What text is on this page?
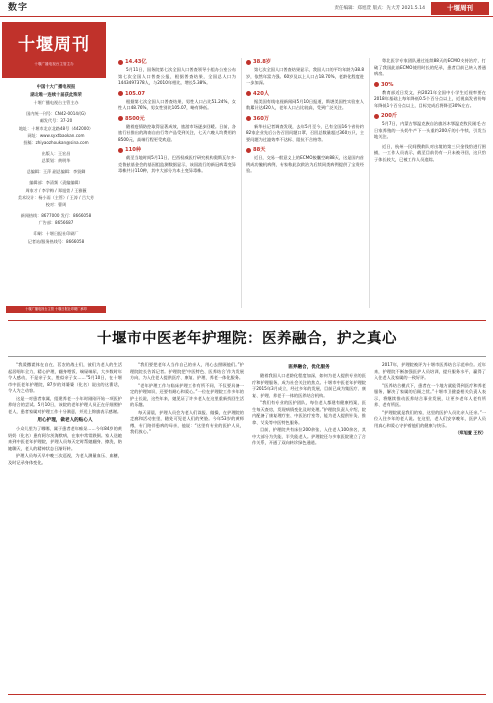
数字	责任编辑：郑旭萱 版式：先大芳 2021.5.14	十堰周刊
十堰周刊
十堰广播电视台主管主办
中国十大广播电视报
湖北唯一连续十届获此殊荣
十堰广播电视台主管主办
国内统一刊号：CN42-0014/(G)
邮发代号：37-20
地址：十堰市北京北路48号（442000）
网址：www.syxtbaokan.com
投稿：zhiyaozhoukan@sina.com
出版人：王宏昌
总策划：黄明华
总编辑：王萍 副总编辑：李贤卿
编辑部：李清频（责编编辑）
周家才 / 李学梅 / 郑旭萱 / 王雅薇
美术设计：杨小雨（主管）/ 王涛 / 吕大芳
校对：曹周
新闻热线：8677000 发行：8666058
广告部：8656687
印刷：十堰日报社印刷厂
记者站/服务热线号：8666058
十堰广播电视台主管 十堰日报社印刷厂承印
14.43亿

5月11日，国务院第七次全国人口普查领导小组办公室公布第七次全国人口普查公报，根据普查结果，全国总人口为1443497378人，与2010年相比，增长5.38%。

105.07

根据第七次全国人口普查结果，男性人口占比51.24%，女性人口48.76%，男女性别比105.07，略有降低。

8500元

随着疫情防控取得显著成效，旅游市场逐步回暖。日前，各旅行社推出的海南自由行等产品受到关注，七天六晚人均费用约8500元，高端行程更受欢迎。

110种

截至当地时间5月11日，巴西权威医疗研究机构奥斯瓦尔多·克鲁兹基金会的基因组监测数据显示，该国流行的新冠病毒变异毒株共计110种，其中大部分为本土变异毒株。

38.8岁

第七次全国人口普查结果显示，我国人口的平均年龄为38.8岁，依然年富力强。60岁及以上人口占18.70%，老龄化程度进一步加深。

420人

据美国有线电视新闻网5月10日报道，斯堪美国性实验室人数累计达420人，老年人口占比较高，受到广泛关注。

360万

新华社记者调查发现，去年5月至今，已有全国16个省份约82家企业先后公告召回问题口罩，召回总数量超过360万只，主要问题为过滤效率不达标、阻抗不合格等。

88天

近日，交易一般意义上的ECMO胶囊空缺88天，这是国内首例成功撤机病例，专家称此次救治为后续同类病例提供了宝贵经验。

粤北医学专家团队通过连续88天的ECMO支持治疗，打破了我国此前ECMO使用时长的纪录，患者目前已转入普通病房。

30%

教育部近日发文，到2021年全国中小学生近视率要在2018年基础上每年降低0.5个百分点以上，近视高发省份每年降低1个百分点以上，目标完成后将降至30%左右。

200斤

5月7日，内蒙古鄂温克族自治旗苏木鄂温克牧民刚毛·吉日家养殖的一头奶牛产下一头重约200斤的小牛犊，引发当地关注。

近日，杭州一民间搜救队对出境的第三只金钱豹进行围捕，一工作人员表示，截至目前仍有一只未被寻回，这只豹子体长较大，已被工作人员追踪。

十堰市中医老年护理院：医养融合，护之真心

“我爱撒谎体在自在、茗农的战士们，彼们为老人的生活起居唱年全力，精心护理，翻身喂饭、端屎端尿，大多数时年令人感动，不是亲子女，胜似亲子女……”5月10日，在十堰市中医老年护理院，87岁的刘婆婆（化名）说出的这番话，令人为之动容。

这是一对患者家属，组建养老一小年时刚刚开始一项医护养结合的尝试。5月10日，该院的老年护理人员正在仔细照护老人，患者家属对护理工作十分满意，并送上锦旗表示感谢。

用心护理，做老人的贴心人

小众儿里为了哪哪，属于患者老年痴呆……今年84岁的黄奶奶（化名）患有阿尔茨海默病，在家中常常跌倒。家人送她来到中医老年护理院，护理人员每天定时帮她翻身、擦洗，陪她聊天，老人的精神状态日渐好转。

护理人员每天早中晚三次巡视，为老人测量血压、血糖，及时记录身体变化。

“我们要把老年人当作自己的亲人，用心去照顾他们。”护理院院长告诉记者。护理院把‘中医特色、医养结合’作为发展方向，为入住老人提供医疗、康复、护理、养老一体化服务。

“老年护理工作与临床护理工作有所不同，不仅要具备一定的护理知识，还要有耐心和爱心。”一位在护理院工作多年的护士长说，这些年来，她见证了许多老人在这里重新找回生活的乐趣。

每天清晨，护理人员会为老人们读报、做操，在护理院的走廊和活动室里，随处可见老人们的笑脸。今年53岁的黄师傅，专门陪伴患病的母亲，他说：“这里有专业的医护人员，我们放心。”

医养融合，优化服务

随着我国人口老龄化程度加深，如何为老人提供专业的医疗和护理服务，成为社会关注的焦点。十堰市中医老年护理院于2015年3月成立，经过多年的发展，目前已成为集医疗、康复、护理、养老于一体的医养结合机构。

“我们有专业的医护团队，每位老人都建有健康档案，医生每天查房，发现病情变化及时处理。”护理院负责人介绍，院内配备了康复理疗室、中医治疗室等，能为老人提供针灸、推拿、艾灸等中医特色服务。

目前，护理院共有床位200余张，入住老人100余名，其中大部分为失能、半失能老人。护理院还与多家医院建立了合作关系，开通了双向转诊绿色通道。

2017年，护理院被评为十堰市医养结合示范单位。近年来，护理院不断加强医护人员培训，提升服务水平，赢得了入住老人及家属的一致好评。

“医养结合模式下，患者在一个地方就能得到医疗和养老服务，解决了家属的后顾之忧。”十堰市卫健委相关负责人表示，将继续推动医养结合事业发展，让更多老年人老有所养、老有所医。

“护理院就是我们的家，这里的医护人员比亲人还亲。”一位入住多年的老人说。在这里，老人们安享晚年，医护人员用真心和爱心守护着他们的健康与快乐。

（郑旭萱 王权）
